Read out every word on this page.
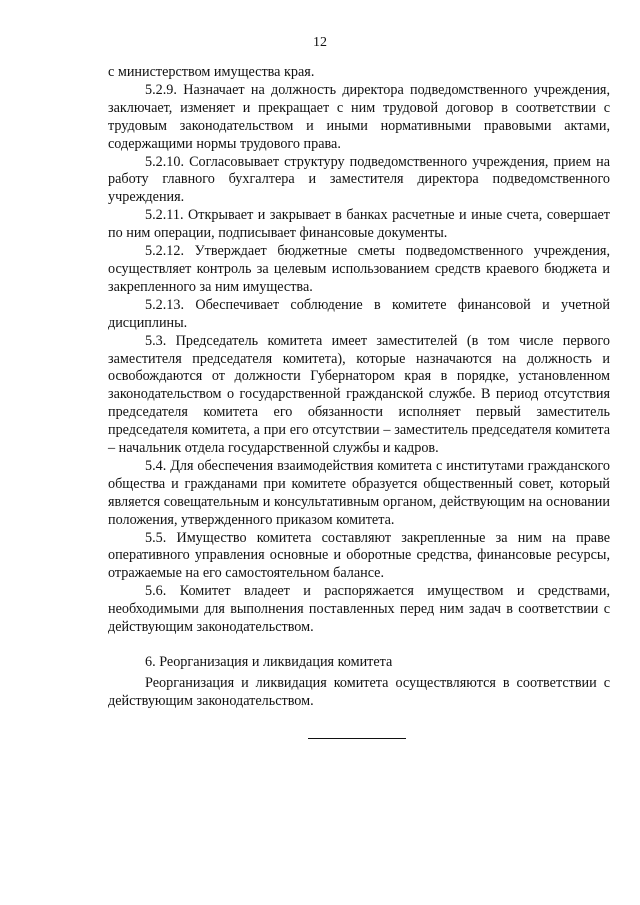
12

с министерством имущества края.

5.2.9. Назначает на должность директора подведомственного учреждения, заключает, изменяет и прекращает с ним трудовой договор в соответствии с трудовым законодательством и иными нормативными правовыми актами, содержащими нормы трудового права.

5.2.10. Согласовывает структуру подведомственного учреждения, прием на работу главного бухгалтера и заместителя директора подведомственного учреждения.

5.2.11. Открывает и закрывает в банках расчетные и иные счета, совершает по ним операции, подписывает финансовые документы.

5.2.12. Утверждает бюджетные сметы подведомственного учреждения, осуществляет контроль за целевым использованием средств краевого бюджета и закрепленного за ним имущества.

5.2.13. Обеспечивает соблюдение в комитете финансовой и учетной дисциплины.

5.3. Председатель комитета имеет заместителей (в том числе первого заместителя председателя комитета), которые назначаются на должность и освобождаются от должности Губернатором края в порядке, установленном законодательством о государственной гражданской службе. В период отсутствия председателя комитета его обязанности исполняет первый заместитель председателя комитета, а при его отсутствии – заместитель председателя комитета – начальник отдела государственной службы и кадров.

5.4. Для обеспечения взаимодействия комитета с институтами гражданского общества и гражданами при комитете образуется общественный совет, который является совещательным и консультативным органом, действующим на основании положения, утвержденного приказом комитета.

5.5. Имущество комитета составляют закрепленные за ним на праве оперативного управления основные и оборотные средства, финансовые ресурсы, отражаемые на его самостоятельном балансе.

5.6. Комитет владеет и распоряжается имуществом и средствами, необходимыми для выполнения поставленных перед ним задач в соответствии с действующим законодательством.

6. Реорганизация и ликвидация комитета

Реорганизация и ликвидация комитета осуществляются в соответствии с действующим законодательством.
